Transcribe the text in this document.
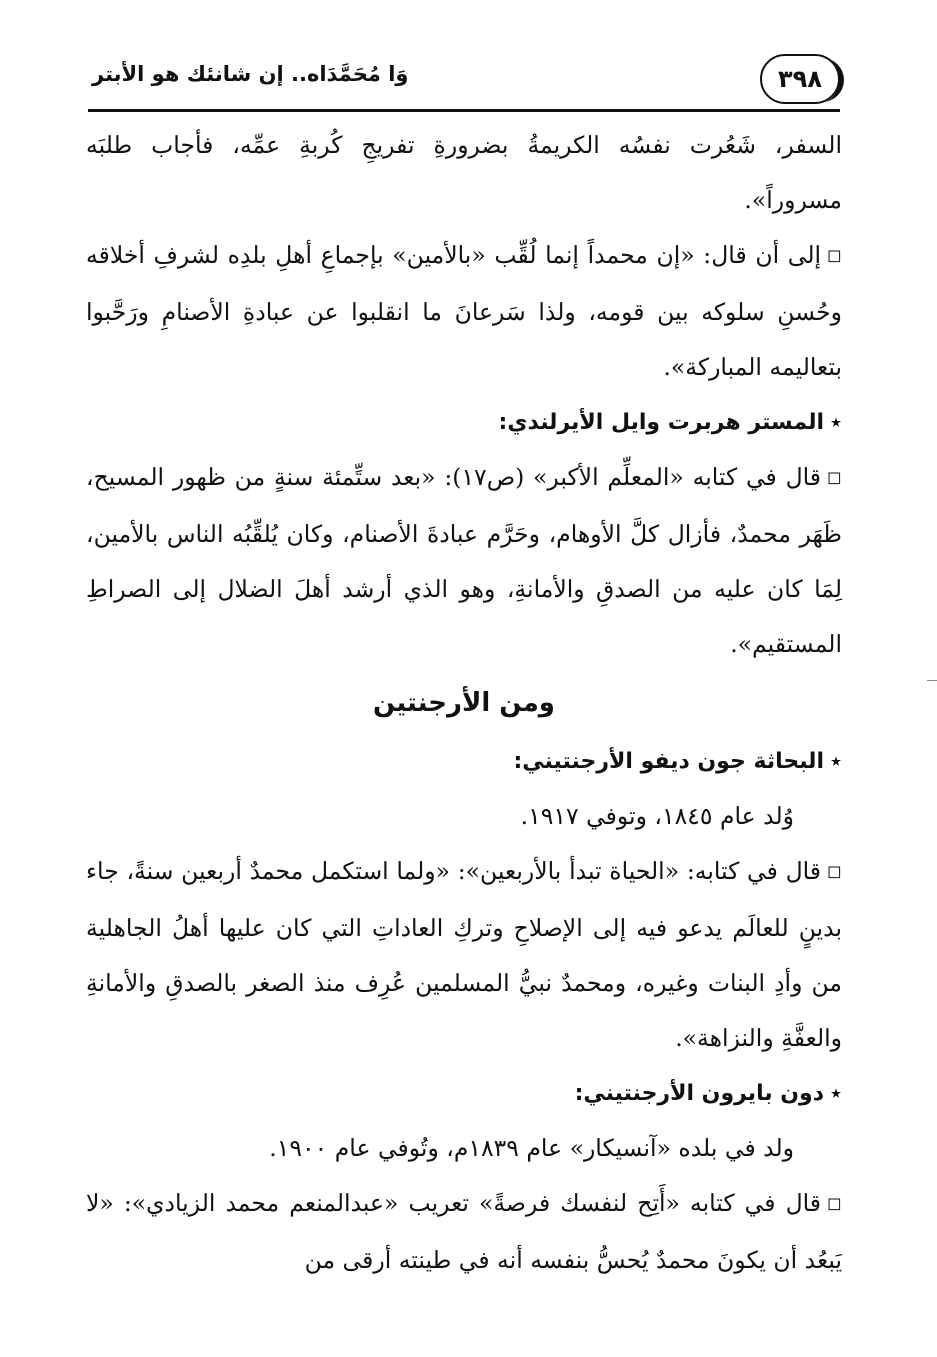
٣٩٨
وَا مُحَمَّدَاه.. إن شانئك هو الأبتر

السفر، شَعُرت نفسُه الكريمةُ بضرورةِ تفريجِ كُربةِ عمِّه، فأجاب طلبَه مسروراً».

◻إلى أن قال: «إن محمداً إنما لُقِّب «بالأمين» بإجماعِ أهلِ بلدِه لشرفِ أخلاقه وحُسنِ سلوكه بين قومه، ولذا سَرعانَ ما انقلبوا عن عبادةِ الأصنامِ ورَحَّبوا بتعاليمه المباركة».

٭المستر هربرت وايل الأيرلندي:

◻قال في كتابه «المعلِّم الأكبر» (ص١٧): «بعد ستِّمئة سنةٍ من ظهور المسيح، ظَهَر محمدٌ، فأزال كلَّ الأوهام، وحَرَّم عبادةَ الأصنام، وكان يُلقِّبُه الناس بالأمين، لِمَا كان عليه من الصدقِ والأمانةِ، وهو الذي أرشد أهلَ الضلال إلى الصراطِ المستقيم».

ومن الأرجنتين

٭البحاثة جون ديفو الأرجنتيني:

وُلد عام ١٨٤٥، وتوفي ١٩١٧.

◻قال في كتابه: «الحياة تبدأ بالأربعين»: «ولما استكمل محمدٌ أربعين سنةً، جاء بدينٍ للعالَم يدعو فيه إلى الإصلاحِ وتركِ العاداتِ التي كان عليها أهلُ الجاهلية من وأدِ البنات وغيره، ومحمدٌ نبيُّ المسلمين عُرِف منذ الصغر بالصدقِ والأمانةِ والعفَّةِ والنزاهة».

٭دون بايرون الأرجنتيني:

ولد في بلده «آنسيكار» عام ١٨٣٩م، وتُوفي عام ١٩٠٠.

◻قال في كتابه «أَتِح لنفسك فرصةً» تعريب «عبدالمنعم محمد الزيادي»: «لا يَبعُد أن يكونَ محمدٌ يُحسُّ بنفسه أنه في طينته أرقى من
